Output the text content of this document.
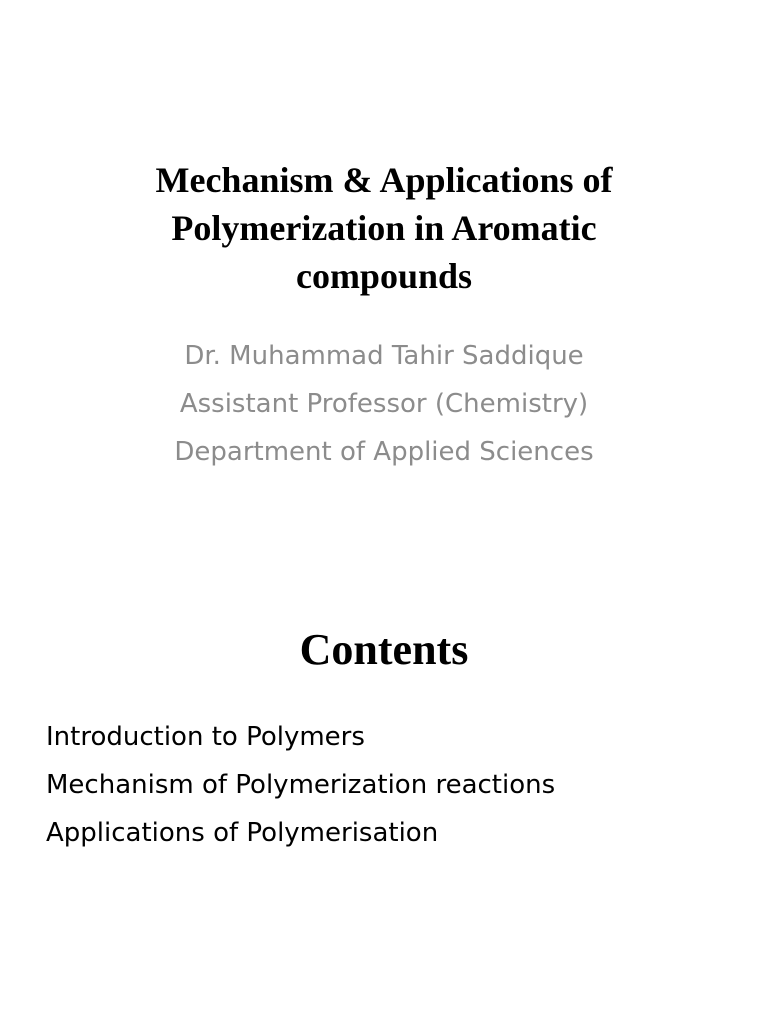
Mechanism & Applications of
Polymerization in Aromatic
compounds
Dr. Muhammad Tahir Saddique
Assistant Professor (Chemistry)
Department of Applied Sciences
Contents
Introduction to Polymers
Mechanism of Polymerization reactions
Applications of Polymerisation
